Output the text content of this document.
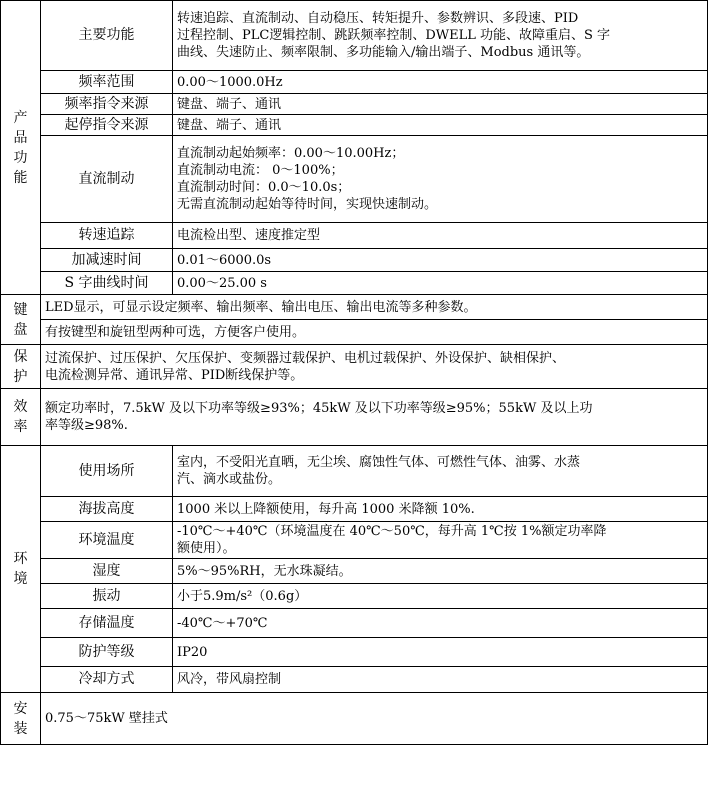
产
品
功
能	主要功能	转速追踪、直流制动、自动稳压、转矩提升、参数辨识、多段速、PID
过程控制、PLC逻辑控制、跳跃频率控制、DWELL 功能、故障重启、S 字
曲线、失速防止、频率限制、多功能输入/输出端子、Modbus 通讯等。

	频率范围	0.00～1000.0Hz

	频率指令来源	键盘、端子、通讯

	起停指令来源	键盘、端子、通讯

	直流制动	直流制动起始频率：0.00～10.00Hz；
直流制动电流： 0～100%；
直流制动时间：0.0～10.0s；
无需直流制动起始等待时间，实现快速制动。

	转速追踪	电流检出型、速度推定型

	加减速时间	0.01～6000.0s

	S 字曲线时间	0.00～25.00 s

键
盘	LED显示，可显示设定频率、输出频率、输出电压、输出电流等多种参数。	

	有按键型和旋钮型两种可选，方便客户使用。	

保
护	过流保护、过压保护、欠压保护、变频器过载保护、电机过载保护、外设保护、缺相保护、
电流检测异常、通讯异常、PID断线保护等。	

效
率	额定功率时，7.5kW 及以下功率等级≥93%；45kW 及以下功率等级≥95%；55kW 及以上功
率等级≥98%.	

环
境	使用场所	室内，不受阳光直晒，无尘埃、腐蚀性气体、可燃性气体、油雾、水蒸
汽、滴水或盐份。

	海拔高度	1000 米以上降额使用，每升高 1000 米降额 10%.

	环境温度	-10℃～+40℃（环境温度在 40℃～50℃，每升高 1℃按 1%额定功率降
额使用）。

	湿度	5%～95%RH，无水珠凝结。

	振动	小于5.9m/s²（0.6g）

	存储温度	-40℃～+70℃

	防护等级	IP20

	冷却方式	风冷，带风扇控制

安
装	0.75～75kW 壁挂式	
